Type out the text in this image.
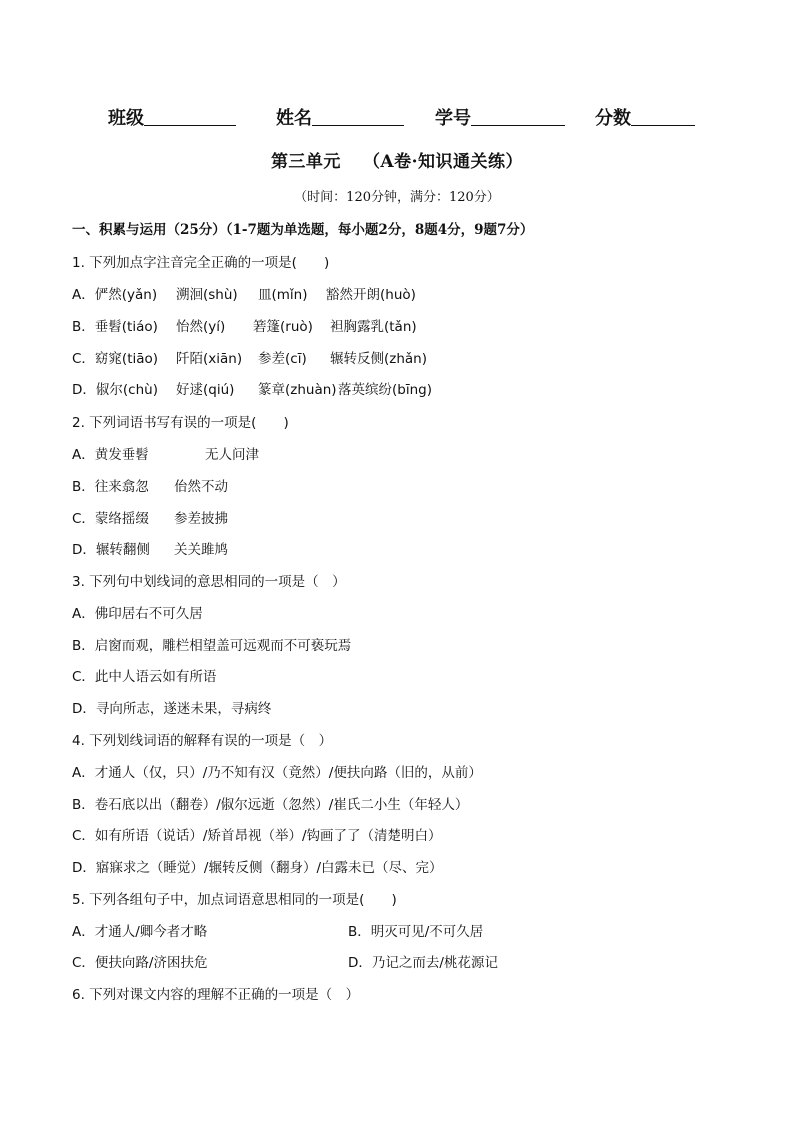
班级	姓名	学号	分数
第三单元 （A卷·知识通关练）
（时间：120分钟，满分：120分）
一、积累与运用（25分）（1-7题为单选题，每小题2分，8题4分，9题7分）
1. 下列加点字注音完全正确的一项是(　　)
A．俨然(yǎn) 溯洄(shù) 皿(mǐn) 豁然开朗(huò)
B．垂髫(tiáo) 怡然(yí) 箬篷(ruò) 袒胸露乳(tǎn)
C．窈窕(tiāo) 阡陌(xiān) 参差(cī) 辗转反侧(zhǎn)
D．俶尔(chù) 好逑(qiú) 篆章(zhuàn) 落英缤纷(bīng)
2. 下列词语书写有误的一项是(　　)
A．黄发垂髫	无人问津
B．往来翕忽 佁然不动
C．蒙络摇缀 参差披拂
D．辗转翻侧 关关雎鸠
3. 下列句中划线词的意思相同的一项是（　）
A．佛印居右不可久居
B．启窗而观，雕栏相望盖可远观而不可亵玩焉
C．此中人语云如有所语
D．寻向所志，遂迷未果，寻病终
4. 下列划线词语的解释有误的一项是（　）
A．才通人（仅，只）/乃不知有汉（竟然）/便扶向路（旧的，从前）
B．卷石底以出（翻卷）/俶尔远逝（忽然）/崔氏二小生（年轻人）
C．如有所语（说话）/矫首昂视（举）/钩画了了（清楚明白）
D．寤寐求之（睡觉）/辗转反侧（翻身）/白露未已（尽、完）
5. 下列各组句子中，加点词语意思相同的一项是(　　)
A．才通人/卿今者才略	B．明灭可见/不可久居
C．便扶向路/济困扶危	D．乃记之而去/桃花源记
6. 下列对课文内容的理解不正确的一项是（　）
